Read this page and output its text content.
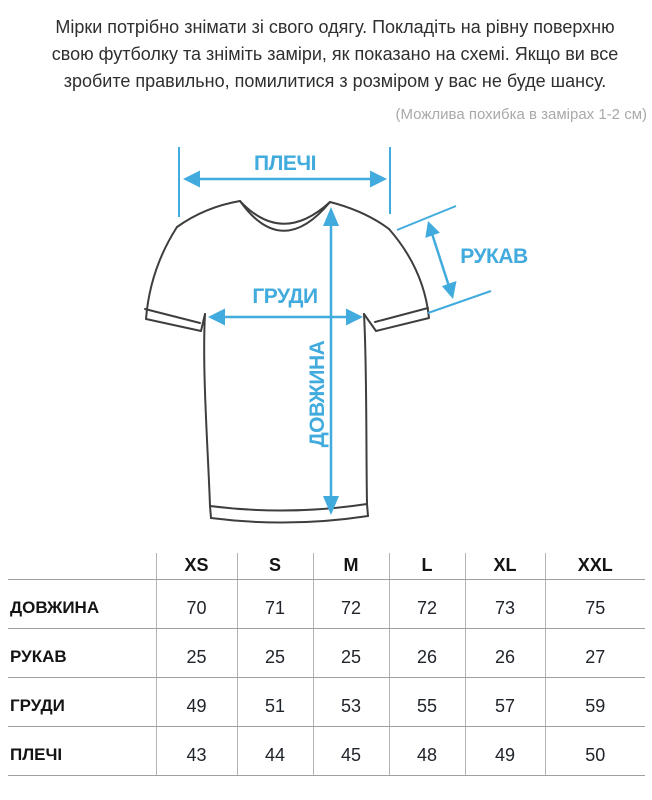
Мірки потрібно знімати зі свого одягу. Покладіть на рівну поверхню
свою футболку та зніміть заміри, як показано на схемі. Якщо ви все
зробите правильно, помилитися з розміром у вас не буде шансу.
(Можлива похибка в замірах 1-2 см)
ПЛЕЧІ
ГРУДИ
РУКАВ
ДОВЖИНА
	XS	S	M	L	XL	XXL
ДОВЖИНА	70	71	72	72	73	75
РУКАВ	25	25	25	26	26	27
ГРУДИ	49	51	53	55	57	59
ПЛЕЧІ	43	44	45	48	49	50
